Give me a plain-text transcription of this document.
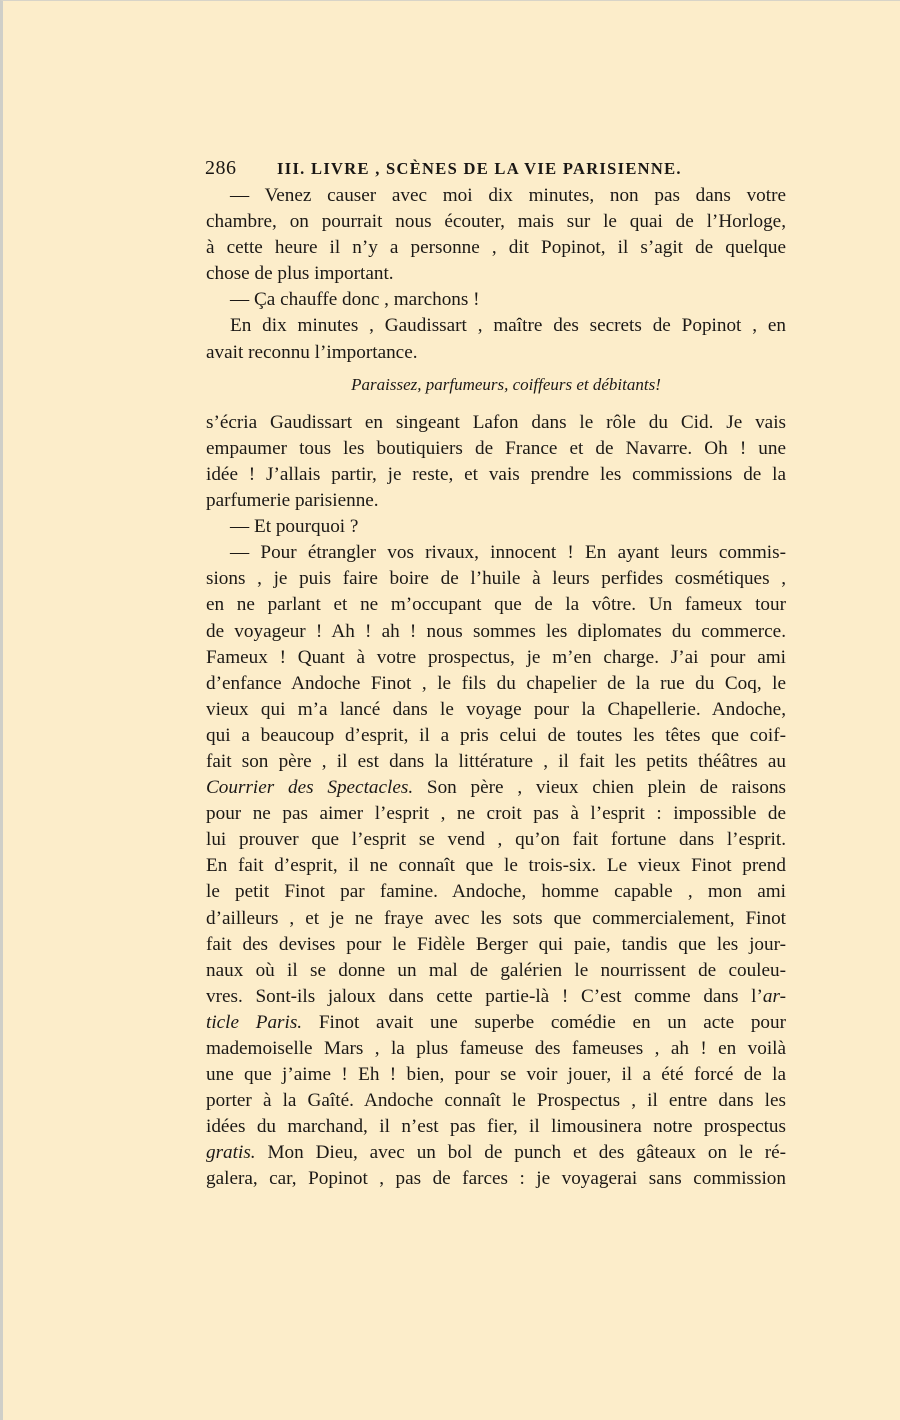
286 III. LIVRE , SCÈNES DE LA VIE PARISIENNE.
— Venez causer avec moi dix minutes, non pas dans votre
chambre, on pourrait nous écouter, mais sur le quai de l’Horloge,
à cette heure il n’y a personne , dit Popinot, il s’agit de quelque
chose de plus important.
— Ça chauffe donc , marchons !
En dix minutes , Gaudissart , maître des secrets de Popinot , en
avait reconnu l’importance.
Paraissez, parfumeurs, coiffeurs et débitants!
s’écria Gaudissart en singeant Lafon dans le rôle du Cid. Je vais
empaumer tous les boutiquiers de France et de Navarre. Oh ! une
idée ! J’allais partir, je reste, et vais prendre les commissions de la
parfumerie parisienne.
— Et pourquoi ?
— Pour étrangler vos rivaux, innocent ! En ayant leurs commis-
sions , je puis faire boire de l’huile à leurs perfides cosmétiques ,
en ne parlant et ne m’occupant que de la vôtre. Un fameux tour
de voyageur ! Ah ! ah ! nous sommes les diplomates du commerce.
Fameux ! Quant à votre prospectus, je m’en charge. J’ai pour ami
d’enfance Andoche Finot , le fils du chapelier de la rue du Coq, le
vieux qui m’a lancé dans le voyage pour la Chapellerie. Andoche,
qui a beaucoup d’esprit, il a pris celui de toutes les têtes que coif-
fait son père , il est dans la littérature , il fait les petits théâtres au
Courrier des Spectacles. Son père , vieux chien plein de raisons
pour ne pas aimer l’esprit , ne croit pas à l’esprit : impossible de
lui prouver que l’esprit se vend , qu’on fait fortune dans l’esprit.
En fait d’esprit, il ne connaît que le trois-six. Le vieux Finot prend
le petit Finot par famine. Andoche, homme capable , mon ami
d’ailleurs , et je ne fraye avec les sots que commercialement, Finot
fait des devises pour le Fidèle Berger qui paie, tandis que les jour-
naux où il se donne un mal de galérien le nourrissent de couleu-
vres. Sont-ils jaloux dans cette partie-là ! C’est comme dans l’ar-
ticle Paris. Finot avait une superbe comédie en un acte pour
mademoiselle Mars , la plus fameuse des fameuses , ah ! en voilà
une que j’aime ! Eh ! bien, pour se voir jouer, il a été forcé de la
porter à la Gaîté. Andoche connaît le Prospectus , il entre dans les
idées du marchand, il n’est pas fier, il limousinera notre prospectus
gratis. Mon Dieu, avec un bol de punch et des gâteaux on le ré-
galera, car, Popinot , pas de farces : je voyagerai sans commission
